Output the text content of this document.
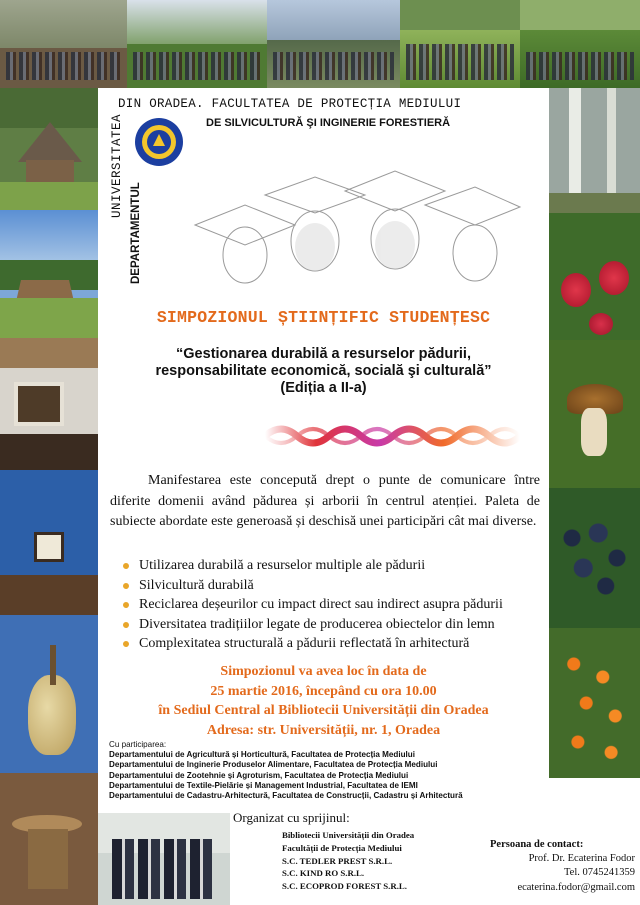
UNIVERSITATEA
DEPARTAMENTUL
DIN ORADEA. FACULTATEA DE PROTECȚIA MEDIULUI
DE SILVICULTURĂ ŞI INGINERIE FORESTIERĂ
SIMPOZIONUL ȘTIINȚIFIC STUDENȚESC
“Gestionarea durabilă a resurselor pădurii,
responsabilitate economică, socială şi culturală”
(Ediția a II-a)

Manifestarea este concepută drept o punte de comunicare între diferite domenii având pădurea și arborii în centrul atenției. Paleta de subiecte abordate este generoasă și deschisă unei participări cât mai diverse.

Utilizarea durabilă a resurselor multiple ale pădurii
Silvicultură durabilă
Reciclarea deșeurilor cu impact direct sau indirect asupra pădurii
Diversitatea tradițiilor legate de producerea obiectelor din lemn
Complexitatea structurală a pădurii reflectată în arhitectură
Simpozionul va avea loc în data de
25 martie 2016, începând cu ora 10.00
în Sediul Central al Bibliotecii Universității din Oradea
Adresa: str. Universității, nr. 1, Oradea
Cu participarea:
Departamentului de Agricultură și Horticultură, Facultatea de Protecția Mediului
Departamentului de Inginerie Produselor Alimentare, Facultatea de Protecția Mediului
Departamentului de Zootehnie și Agroturism, Facultatea de Protecția Mediului
Departamentului de Textile-Pielărie și Management Industrial, Facultatea de IEMI
Departamentului de Cadastru-Arhitectură, Facultatea de Construcții, Cadastru și Arhitectură
Organizat cu sprijinul:
Bibliotecii Universității din Oradea
Facultății de Protecția Mediului
S.C. TEDLER PREST S.R.L.
S.C. KIND RO S.R.L.
S.C. ECOPROD FOREST S.R.L.
Persoana de contact:
Prof. Dr. Ecaterina Fodor
Tel. 0745241359
ecaterina.fodor@gmail.com
